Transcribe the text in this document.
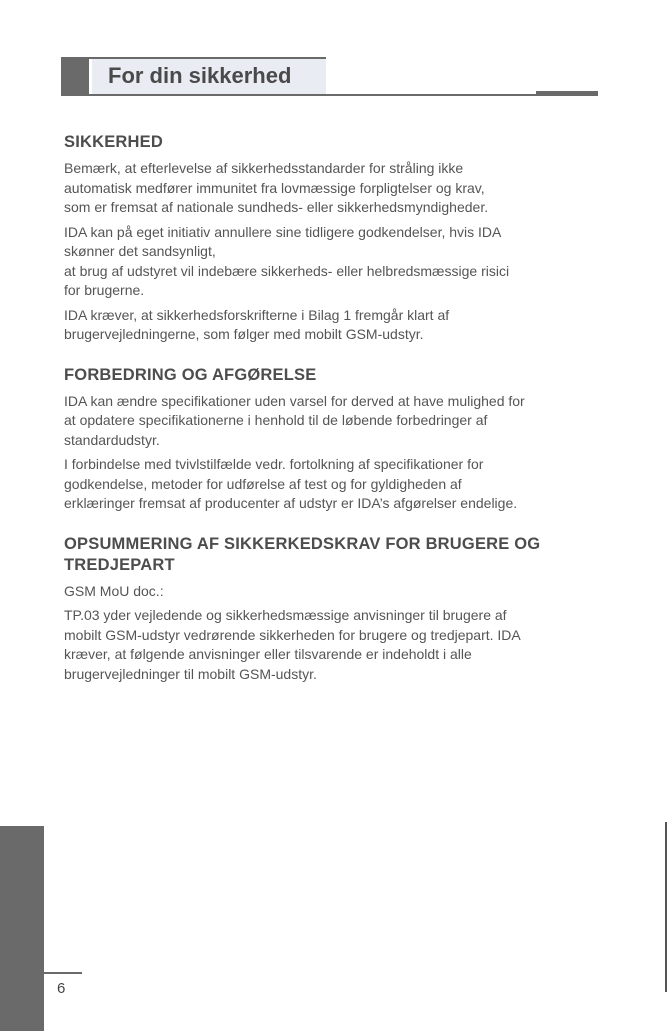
For din sikkerhed
SIKKERHED

Bemærk, at efterlevelse af sikkerhedsstandarder for stråling ikke
automatisk medfører immunitet fra lovmæssige forpligtelser og krav,
som er fremsat af nationale sundheds- eller sikkerhedsmyndigheder.

IDA kan på eget initiativ annullere sine tidligere godkendelser, hvis IDA
skønner det sandsynligt,
at brug af udstyret vil indebære sikkerheds- eller helbredsmæssige risici
for brugerne.

IDA kræver, at sikkerhedsforskrifterne i Bilag 1 fremgår klart af
brugervejledningerne, som følger med mobilt GSM-udstyr.

FORBEDRING OG AFGØRELSE

IDA kan ændre specifikationer uden varsel for derved at have mulighed for
at opdatere specifikationerne i henhold til de løbende forbedringer af
standardudstyr.

I forbindelse med tvivlstilfælde vedr. fortolkning af specifikationer for
godkendelse, metoder for udførelse af test og for gyldigheden af
erklæringer fremsat af producenter af udstyr er IDA’s afgørelser endelige.

OPSUMMERING AF SIKKERKEDSKRAV FOR BRUGERE OG
TREDJEPART

GSM MoU doc.:

TP.03 yder vejledende og sikkerhedsmæssige anvisninger til brugere af
mobilt GSM-udstyr vedrørende sikkerheden for brugere og tredjepart. IDA
kræver, at følgende anvisninger eller tilsvarende er indeholdt i alle
brugervejledninger til mobilt GSM-udstyr.

6
